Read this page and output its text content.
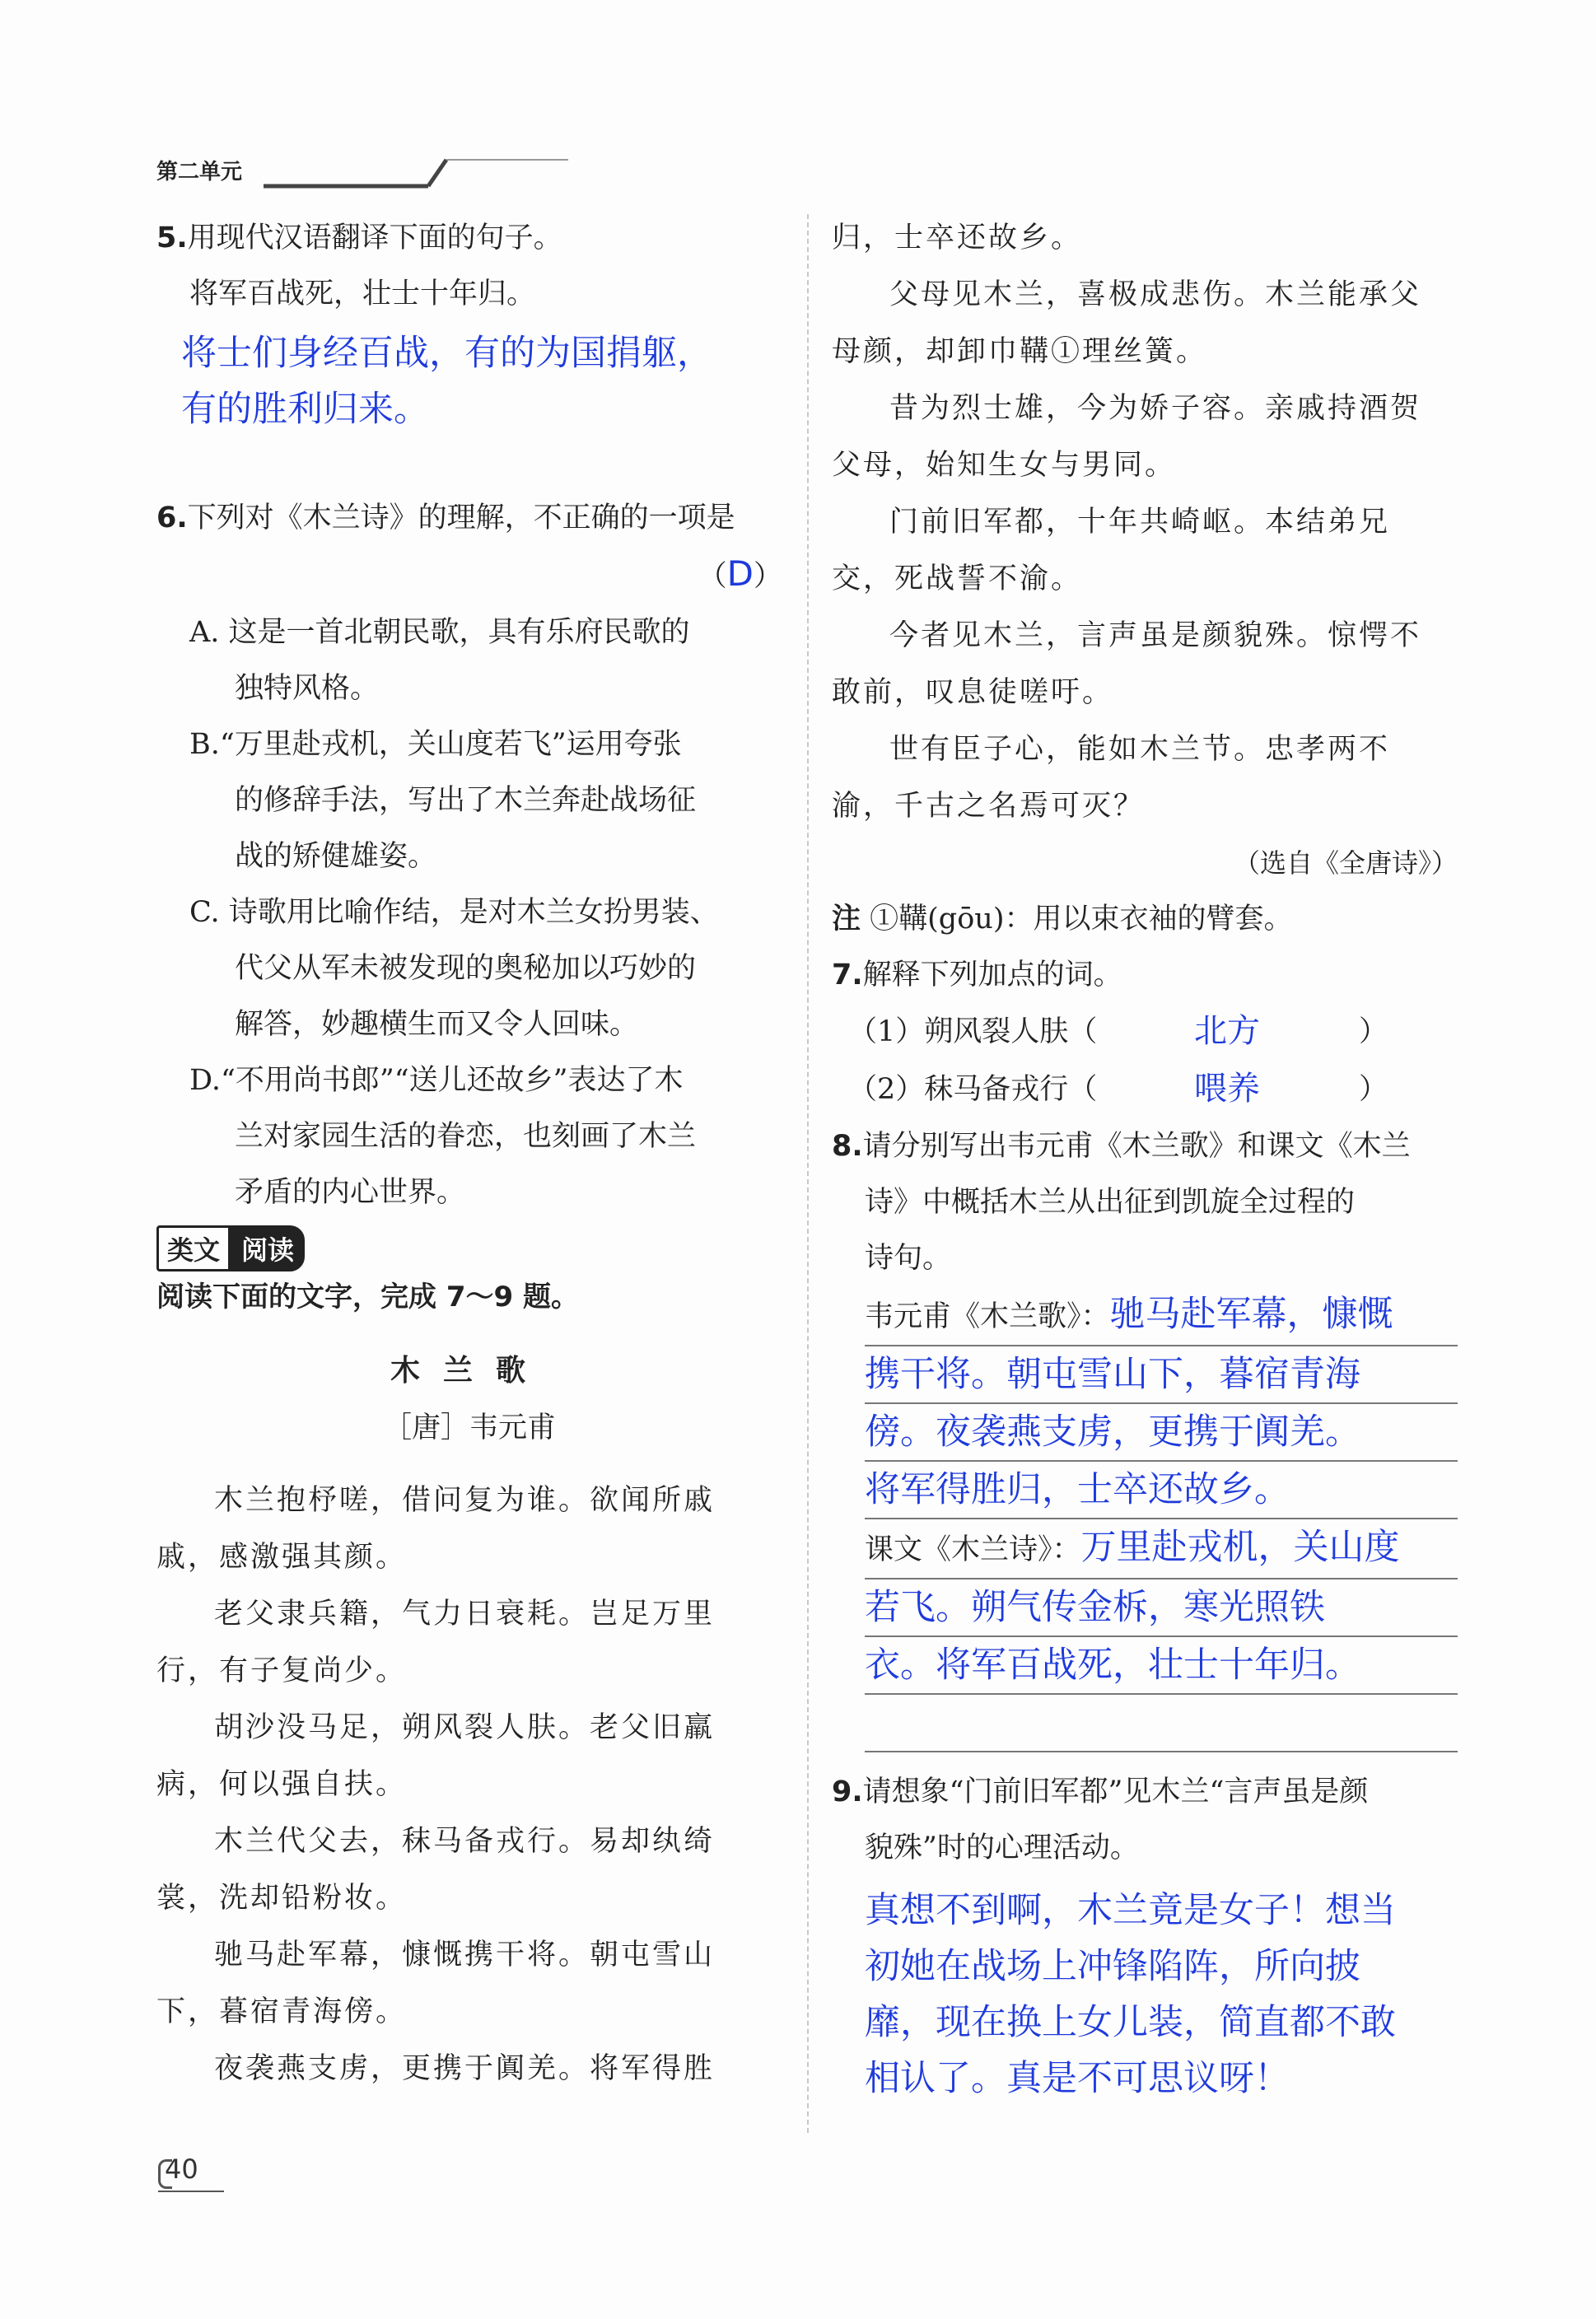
第二单元

5.用现代汉语翻译下面的句子。

将军百战死，壮士十年归。

将士们身经百战，有的为国捐躯，
有的胜利归来。

6.下列对《木兰诗》的理解，不正确的一项是

（D）

A. 这是一首北朝民歌，具有乐府民歌的

独特风格。

B.“万里赴戎机，关山度若飞”运用夸张

的修辞手法，写出了木兰奔赴战场征

战的矫健雄姿。

C. 诗歌用比喻作结，是对木兰女扮男装、

代父从军未被发现的奥秘加以巧妙的

解答，妙趣横生而又令人回味。

D.“不用尚书郎”“送儿还故乡”表达了木

兰对家园生活的眷恋，也刻画了木兰

矛盾的内心世界。

类文 阅读

阅读下面的文字，完成 7～9 题。

木兰歌

［唐］韦元甫

木兰抱杼嗟，借问复为谁。欲闻所戚

戚，感激强其颜。

老父隶兵籍，气力日衰耗。岂足万里

行，有子复尚少。

胡沙没马足，朔风裂人肤。老父旧羸

病，何以强自扶。

木兰代父去，秣马备戎行。易却纨绮

裳，洗却铅粉妆。

驰马赴军幕，慷慨携干将。朝屯雪山

下，暮宿青海傍。

夜袭燕支虏，更携于阗羌。将军得胜

归，士卒还故乡。

父母见木兰，喜极成悲伤。木兰能承父

母颜，却卸巾鞲①理丝簧。

昔为烈士雄，今为娇子容。亲戚持酒贺

父母，始知生女与男同。

门前旧军都，十年共崎岖。本结弟兄

交，死战誓不渝。

今者见木兰，言声虽是颜貌殊。惊愕不

敢前，叹息徒嗟吁。

世有臣子心，能如木兰节。忠孝两不

渝，千古之名焉可灭？

（选自《全唐诗》）

注 ①鞲(gōu)：用以束衣袖的臂套。

7.解释下列加点的词。

（1）朔风裂人肤（	北方	）
（2）秣马备戎行（	喂养	）

8.请分别写出韦元甫《木兰歌》和课文《木兰

诗》中概括木兰从出征到凯旋全过程的

诗句。

韦元甫《木兰歌》：驰马赴军幕，慷慨
携干将。朝屯雪山下，暮宿青海
傍。夜袭燕支虏，更携于阗羌。
将军得胜归，士卒还故乡。
课文《木兰诗》：万里赴戎机，关山度
若飞。朔气传金柝，寒光照铁
衣。将军百战死，壮士十年归。

9.请想象“门前旧军都”见木兰“言声虽是颜

貌殊”时的心理活动。

真想不到啊，木兰竟是女子！想当
初她在战场上冲锋陷阵，所向披
靡，现在换上女儿装，简直都不敢
相认了。真是不可思议呀！
40
